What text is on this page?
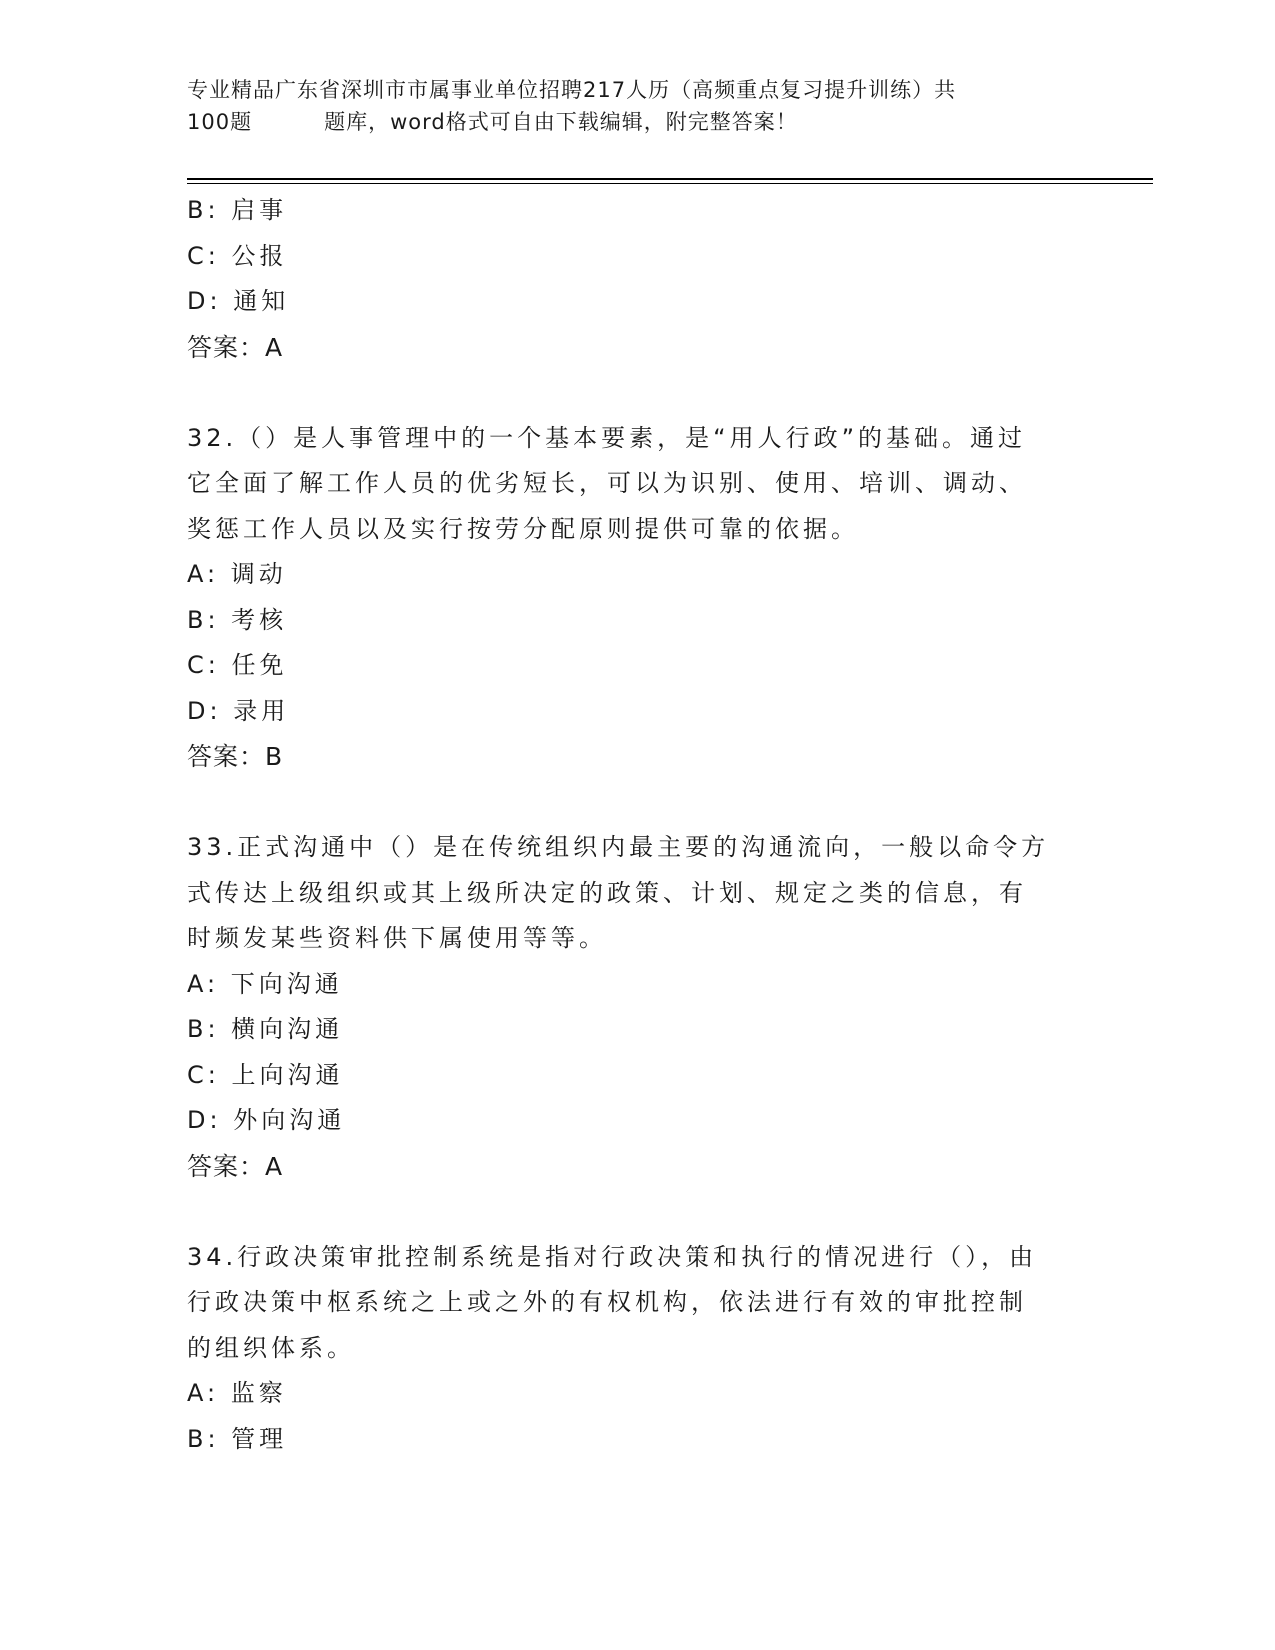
专业精品广东省深圳市市属事业单位招聘217人历（高频重点复习提升训练）共
100题	题库，word格式可自由下载编辑，附完整答案！
B: 启事
C: 公报
D: 通知
答案：A
32.（）是人事管理中的一个基本要素，是“用人行政”的基础。通过
它全面了解工作人员的优劣短长，可以为识别、使用、培训、调动、
奖惩工作人员以及实行按劳分配原则提供可靠的依据。
A: 调动
B: 考核
C: 任免
D: 录用
答案：B
33.正式沟通中（）是在传统组织内最主要的沟通流向，一般以命令方
式传达上级组织或其上级所决定的政策、计划、规定之类的信息，有
时频发某些资料供下属使用等等。
A: 下向沟通
B: 横向沟通
C: 上向沟通
D: 外向沟通
答案：A
34.行政决策审批控制系统是指对行政决策和执行的情况进行（），由
行政决策中枢系统之上或之外的有权机构，依法进行有效的审批控制
的组织体系。
A: 监察
B: 管理
